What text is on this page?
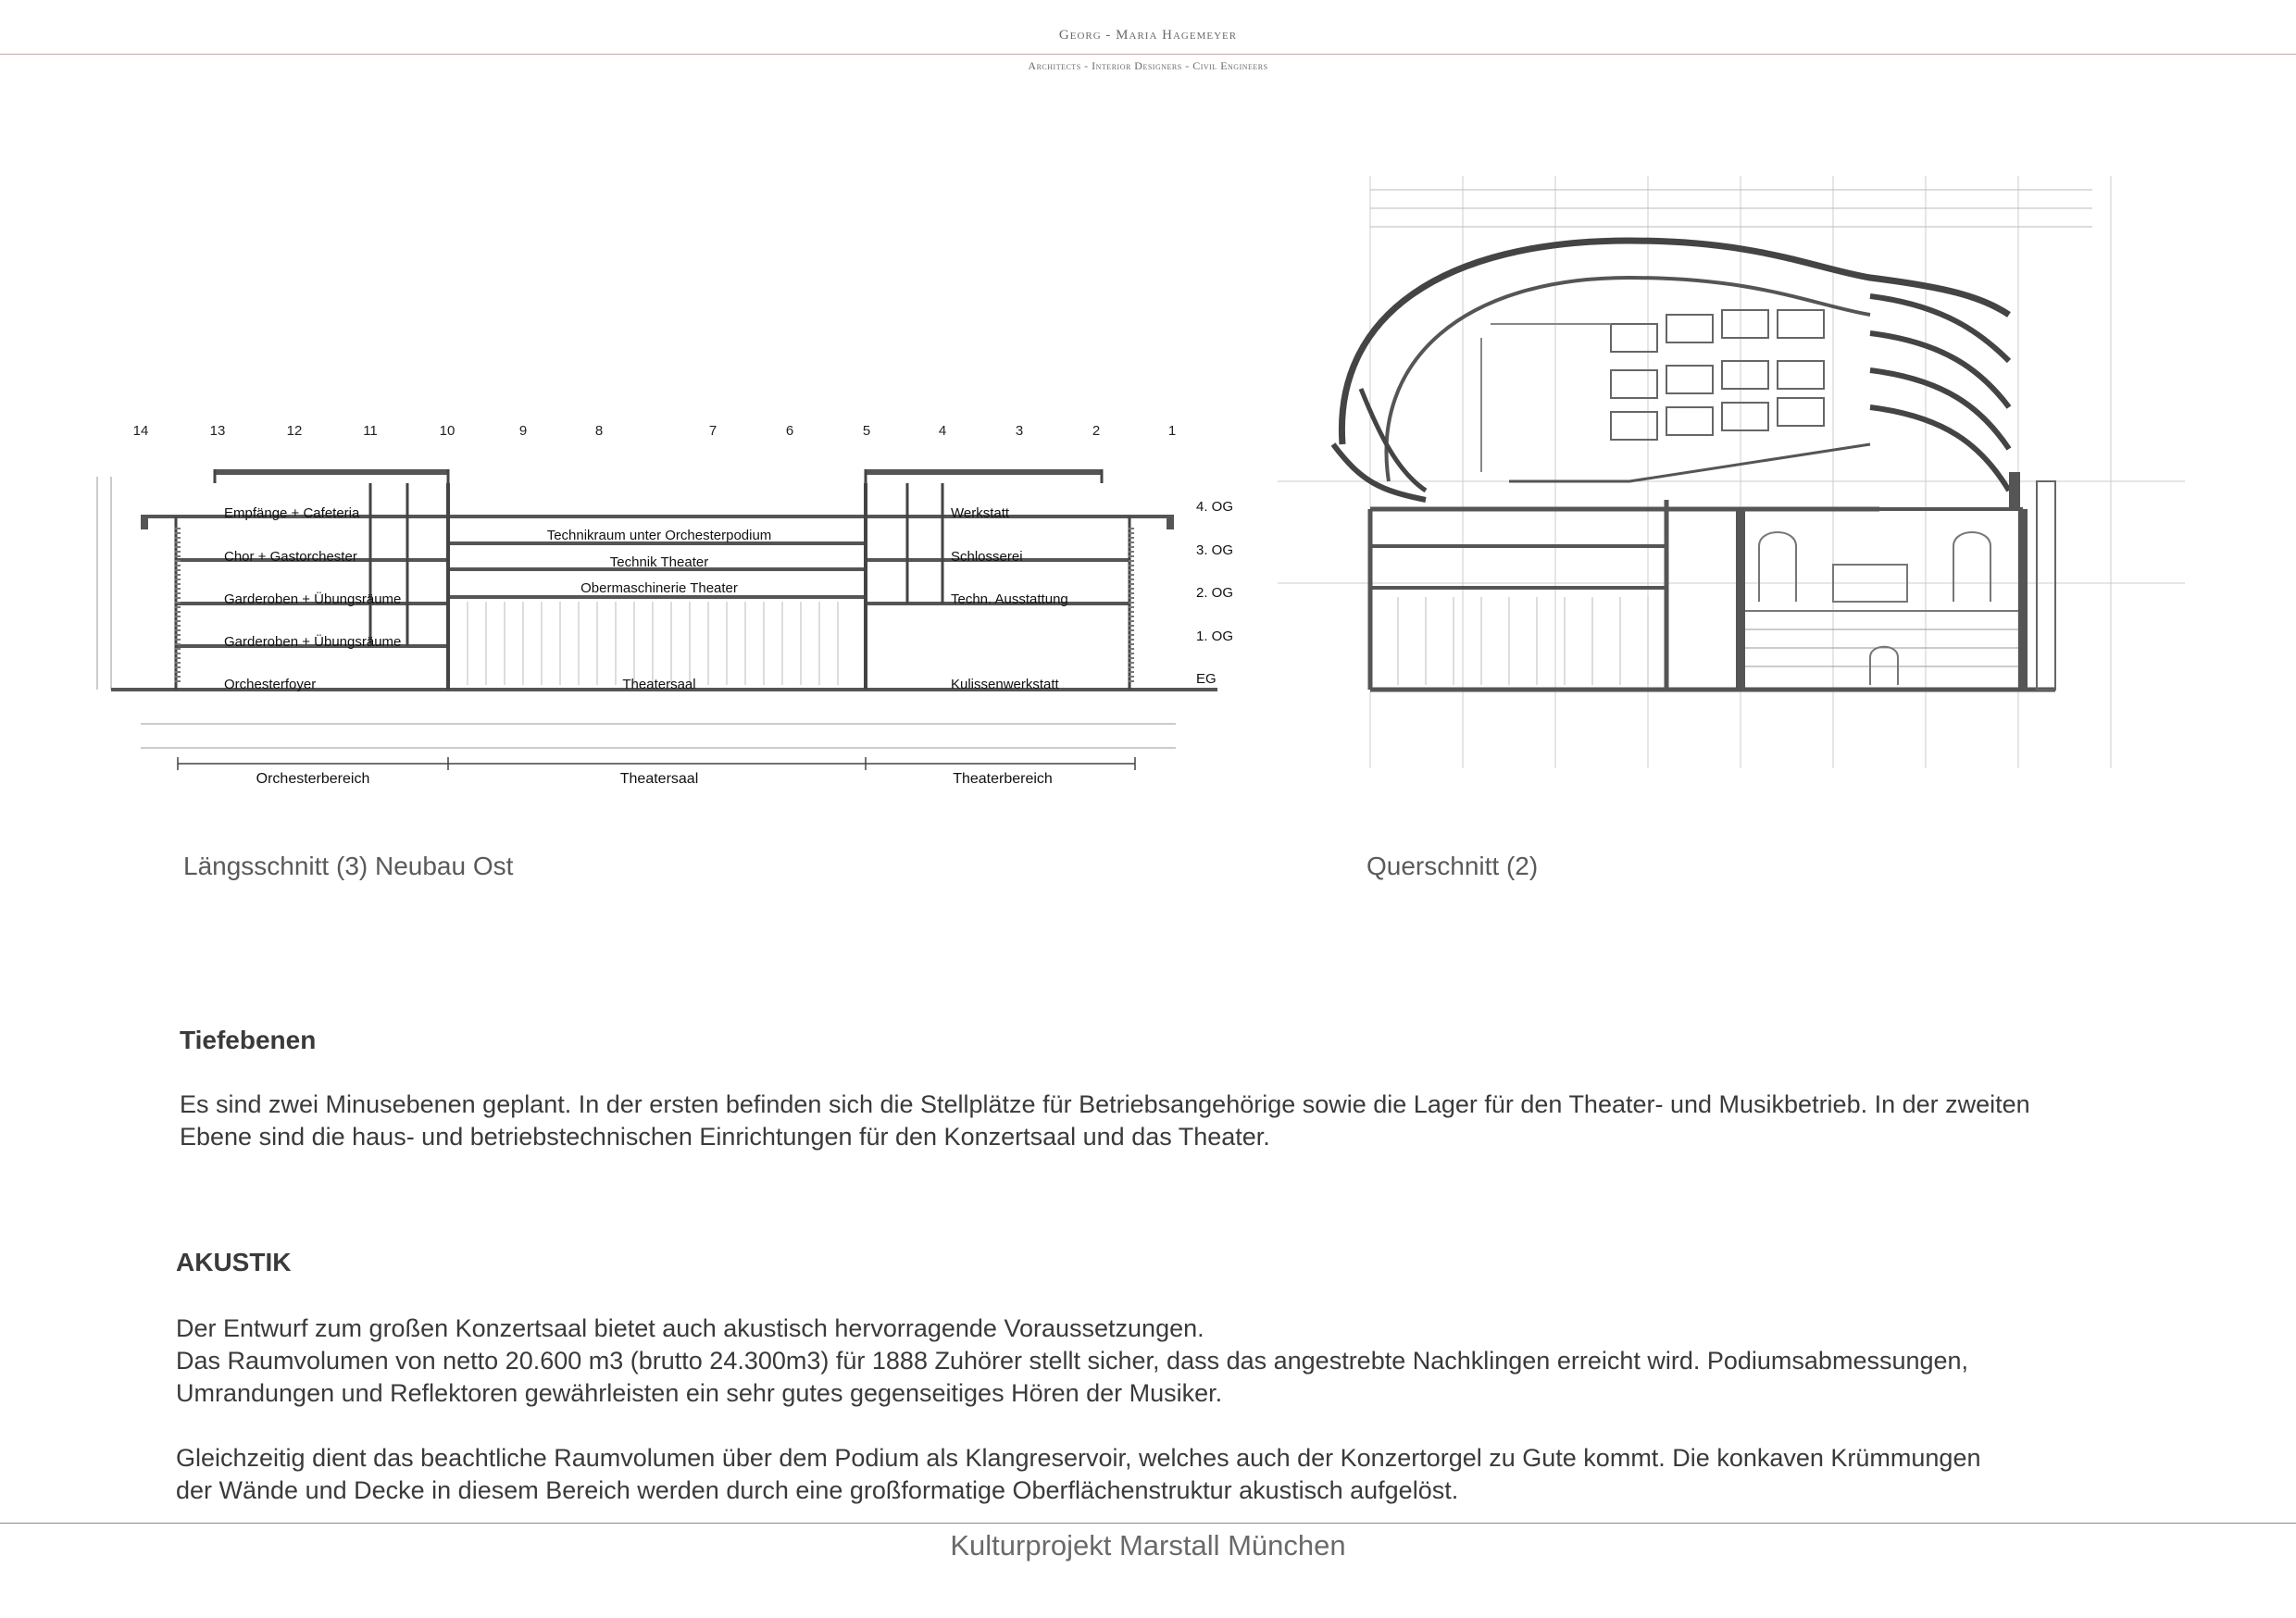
Georg - Maria Hagemeyer
Architects - Interior Designers - Civil Engineers
14	13	12	11	10	9	8	7	6	5	4	3	2	1
Empfänge + Cafeteria
Chor + Gastorchester
Garderoben + Übungsräume
Garderoben + Übungsräume
Orchesterfoyer
Technikraum unter Orchesterpodium
Technik Theater
Obermaschinerie Theater
Theatersaal
Werkstatt
Schlosserei
Techn. Ausstattung
Kulissenwerkstatt
4. OG
3. OG
2. OG
1. OG
EG
Orchesterbereich	Theatersaal	Theaterbereich
Längsschnitt (3) Neubau Ost	Querschnitt (2)
Tiefebenen
Es sind zwei Minusebenen geplant. In der ersten befinden sich die Stellplätze für Betriebsangehörige sowie die Lager für den Theater- und Musikbetrieb. In der zweiten
Ebene sind die haus- und betriebstechnischen Einrichtungen für den Konzertsaal und das Theater.
AKUSTIK
Der Entwurf zum großen Konzertsaal bietet auch akustisch hervorragende Voraussetzungen.
Das Raumvolumen von netto 20.600 m3 (brutto 24.300m3) für 1888 Zuhörer stellt sicher, dass das angestrebte Nachklingen erreicht wird. Podiumsabmessungen,
Umrandungen und Reflektoren gewährleisten ein sehr gutes gegenseitiges Hören der Musiker.
Gleichzeitig dient das beachtliche Raumvolumen über dem Podium als Klangreservoir, welches auch der Konzertorgel zu Gute kommt. Die konkaven Krümmungen
der Wände und Decke in diesem Bereich werden durch eine großformatige Oberflächenstruktur akustisch aufgelöst.
Kulturprojekt Marstall München
